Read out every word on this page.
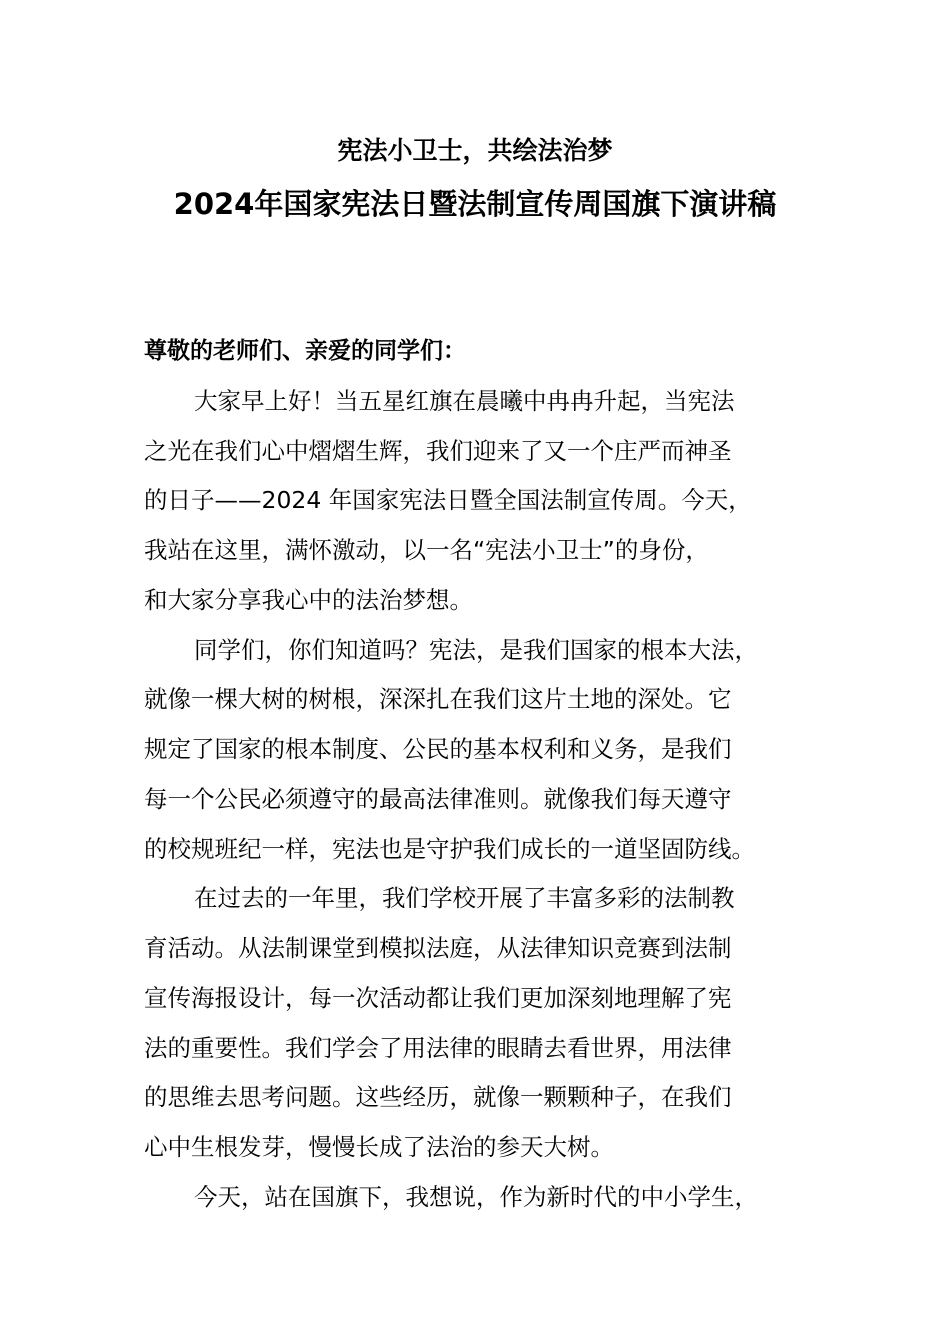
宪法小卫士，共绘法治梦
2024年国家宪法日暨法制宣传周国旗下演讲稿
尊敬的老师们、亲爱的同学们：
大家早上好！当五星红旗在晨曦中冉冉升起，当宪法
之光在我们心中熠熠生辉，我们迎来了又一个庄严而神圣
的日子——2024 年国家宪法日暨全国法制宣传周。今天，
我站在这里，满怀激动，以一名“宪法小卫士”的身份，
和大家分享我心中的法治梦想。
同学们，你们知道吗？宪法，是我们国家的根本大法，
就像一棵大树的树根，深深扎在我们这片土地的深处。它
规定了国家的根本制度、公民的基本权利和义务，是我们
每一个公民必须遵守的最高法律准则。就像我们每天遵守
的校规班纪一样，宪法也是守护我们成长的一道坚固防线。
在过去的一年里，我们学校开展了丰富多彩的法制教
育活动。从法制课堂到模拟法庭，从法律知识竞赛到法制
宣传海报设计，每一次活动都让我们更加深刻地理解了宪
法的重要性。我们学会了用法律的眼睛去看世界，用法律
的思维去思考问题。这些经历，就像一颗颗种子，在我们
心中生根发芽，慢慢长成了法治的参天大树。
今天，站在国旗下，我想说，作为新时代的中小学生，
